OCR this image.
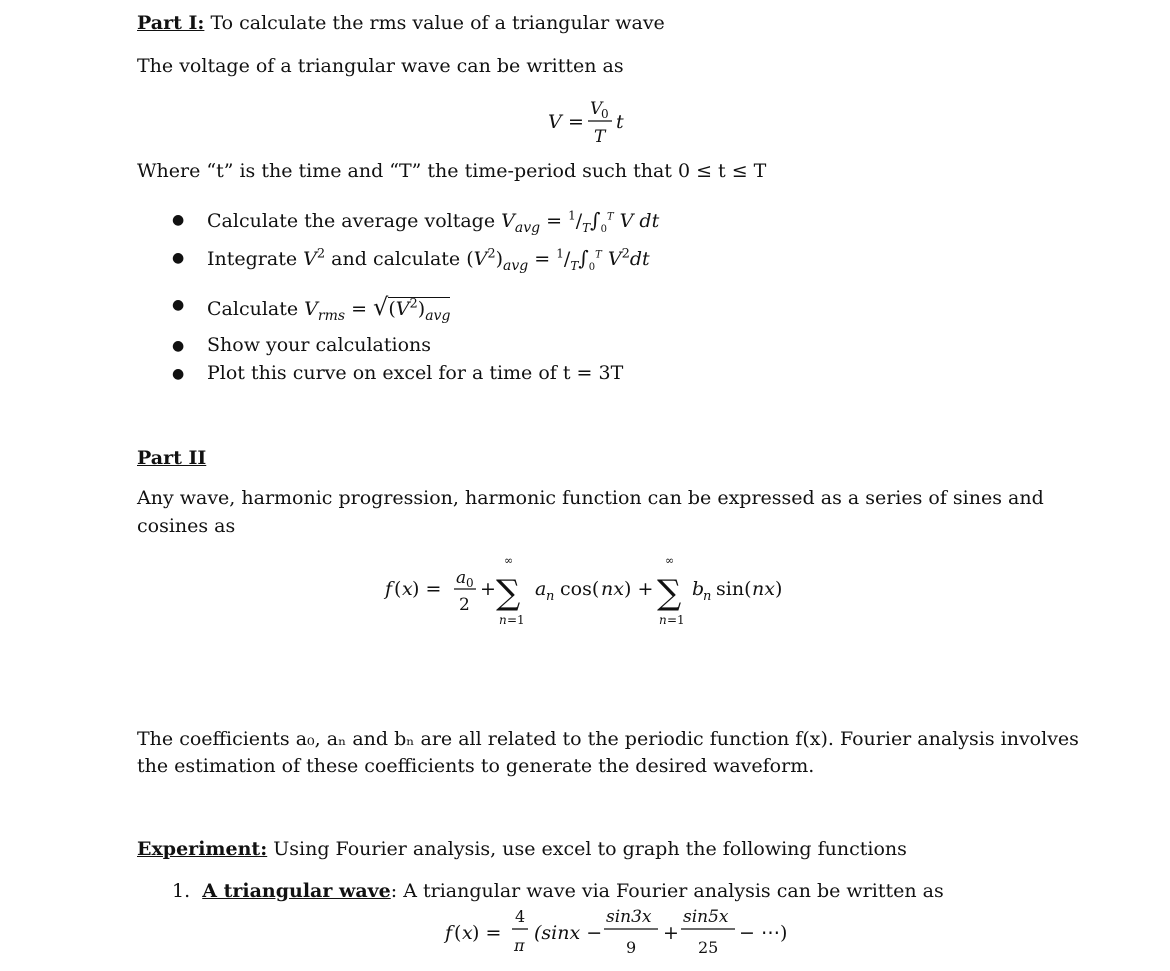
Part I: To calculate the rms value of a triangular wave
The voltage of a triangular wave can be written as
V =
V
0
T
t
Where “t” is the time and “T” the time-period such that 0 ≤ t ≤ T
● Calculate the average voltage $V_{avg} = ^1/_T\int_0^T$ V dt
● Integrate $V^2$ and calculate $(V^2)_{avg} = ^1/_T\int_0^T$ $V^2dt$
● Calculate $V_{rms} = √(V^2)_{avg}$
● Show your calculations
● Plot this curve on excel for a time of t = 3T
Part II
Any wave, harmonic progression, harmonic function can be expressed as a series of sines and
cosines as
f ( x ) = a 0
2
+
∞
∑
n =1
a n cos( nx ) +
∞
∑
n =1
b
n sin( nx )
The coefficients a₀, aₙ and bₙ are all related to the periodic function f(x). Fourier analysis involves
the estimation of these coefficients to generate the desired waveform.
Experiment: Using Fourier analysis, use excel to graph the following functions
1. A triangular wave: A triangular wave via Fourier analysis can be written as
f ( x ) =
4
π
(sinx −
sin3x
9
+
sin5x
25
− ⋯)
